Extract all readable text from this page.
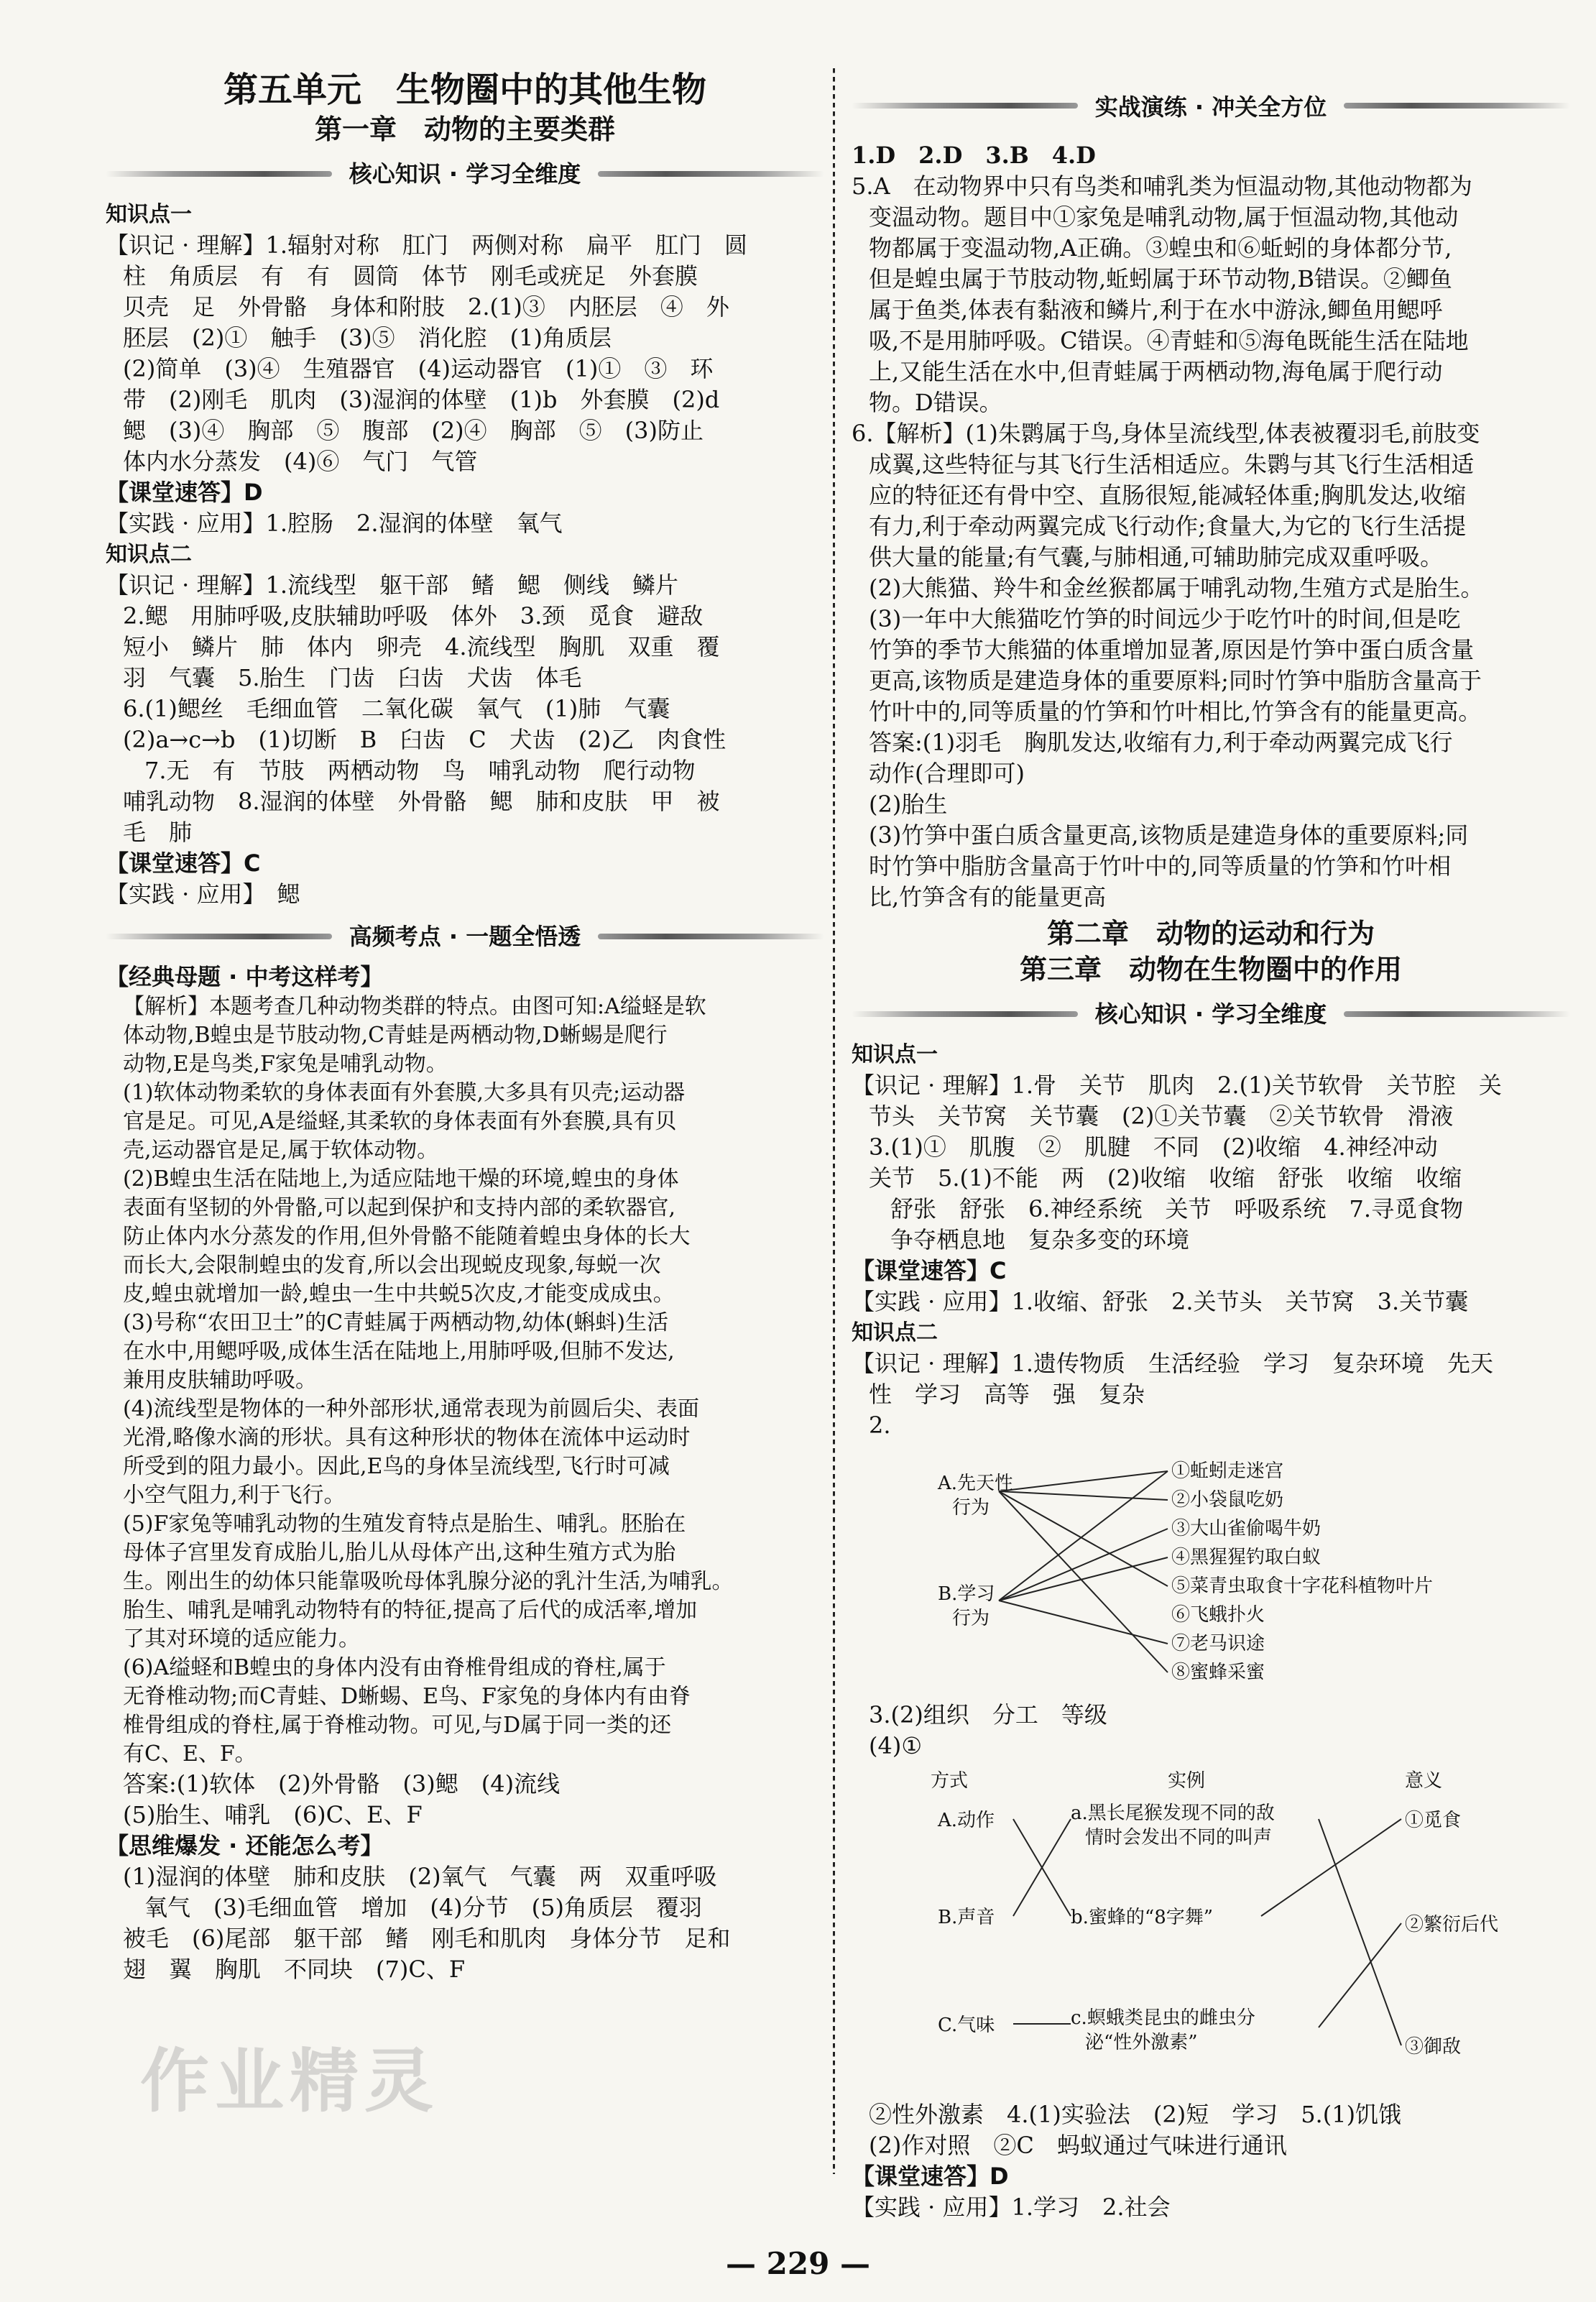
第五单元　生物圈中的其他生物
第一章　动物的主要类群
核心知识 · 学习全维度
知识点一
【识记 · 理解】1.辐射对称　肛门　两侧对称　扁平　肛门　圆
柱　角质层　有　有　圆筒　体节　刚毛或疣足　外套膜
贝壳　足　外骨骼　身体和附肢　2.(1)③　内胚层　④　外
胚层　(2)①　触手　(3)⑤　消化腔　(1)角质层
(2)简单　(3)④　生殖器官　(4)运动器官　(1)①　③　环
带　(2)刚毛　肌肉　(3)湿润的体壁　(1)b　外套膜　(2)d
鳃　(3)④　胸部　⑤　腹部　(2)④　胸部　⑤　(3)防止
体内水分蒸发　(4)⑥　气门　气管
【课堂速答】D
【实践 · 应用】1.腔肠　2.湿润的体壁　氧气
知识点二
【识记 · 理解】1.流线型　躯干部　鳍　鳃　侧线　鳞片
2.鳃　用肺呼吸,皮肤辅助呼吸　体外　3.颈　觅食　避敌
短小　鳞片　肺　体内　卵壳　4.流线型　胸肌　双重　覆
羽　气囊　5.胎生　门齿　臼齿　犬齿　体毛
6.(1)鳃丝　毛细血管　二氧化碳　氧气　(1)肺　气囊
(2)a→c→b　(1)切断　B　臼齿　C　犬齿　(2)乙　肉食性
7.无　有　节肢　两栖动物　鸟　哺乳动物　爬行动物
哺乳动物　8.湿润的体壁　外骨骼　鳃　肺和皮肤　甲　被
毛　肺
【课堂速答】C
【实践 · 应用】　鳃
高频考点 · 一题全悟透
【经典母题 · 中考这样考】
【解析】本题考查几种动物类群的特点。由图可知:A缢蛏是软
体动物,B蝗虫是节肢动物,C青蛙是两栖动物,D蜥蜴是爬行
动物,E是鸟类,F家兔是哺乳动物。
(1)软体动物柔软的身体表面有外套膜,大多具有贝壳;运动器
官是足。可见,A是缢蛏,其柔软的身体表面有外套膜,具有贝
壳,运动器官是足,属于软体动物。
(2)B蝗虫生活在陆地上,为适应陆地干燥的环境,蝗虫的身体
表面有坚韧的外骨骼,可以起到保护和支持内部的柔软器官,
防止体内水分蒸发的作用,但外骨骼不能随着蝗虫身体的长大
而长大,会限制蝗虫的发育,所以会出现蜕皮现象,每蜕一次
皮,蝗虫就增加一龄,蝗虫一生中共蜕5次皮,才能变成成虫。
(3)号称“农田卫士”的C青蛙属于两栖动物,幼体(蝌蚪)生活
在水中,用鳃呼吸,成体生活在陆地上,用肺呼吸,但肺不发达,
兼用皮肤辅助呼吸。
(4)流线型是物体的一种外部形状,通常表现为前圆后尖、表面
光滑,略像水滴的形状。具有这种形状的物体在流体中运动时
所受到的阻力最小。因此,E鸟的身体呈流线型,飞行时可减
小空气阻力,利于飞行。
(5)F家兔等哺乳动物的生殖发育特点是胎生、哺乳。胚胎在
母体子宫里发育成胎儿,胎儿从母体产出,这种生殖方式为胎
生。刚出生的幼体只能靠吸吮母体乳腺分泌的乳汁生活,为哺乳。
胎生、哺乳是哺乳动物特有的特征,提高了后代的成活率,增加
了其对环境的适应能力。
(6)A缢蛏和B蝗虫的身体内没有由脊椎骨组成的脊柱,属于
无脊椎动物;而C青蛙、D蜥蜴、E鸟、F家兔的身体内有由脊
椎骨组成的脊柱,属于脊椎动物。可见,与D属于同一类的还
有C、E、F。
答案:(1)软体　(2)外骨骼　(3)鳃　(4)流线
(5)胎生、哺乳　(6)C、E、F
【思维爆发 · 还能怎么考】
(1)湿润的体壁　肺和皮肤　(2)氧气　气囊　两　双重呼吸
氧气　(3)毛细血管　增加　(4)分节　(5)角质层　覆羽
被毛　(6)尾部　躯干部　鳍　刚毛和肌肉　身体分节　足和
翅　翼　胸肌　不同块　(7)C、F
实战演练 · 冲关全方位
1.D　2.D　3.B　4.D
5.A　在动物界中只有鸟类和哺乳类为恒温动物,其他动物都为
变温动物。题目中①家兔是哺乳动物,属于恒温动物,其他动
物都属于变温动物,A正确。③蝗虫和⑥蚯蚓的身体都分节,
但是蝗虫属于节肢动物,蚯蚓属于环节动物,B错误。②鲫鱼
属于鱼类,体表有黏液和鳞片,利于在水中游泳,鲫鱼用鳃呼
吸,不是用肺呼吸。C错误。④青蛙和⑤海龟既能生活在陆地
上,又能生活在水中,但青蛙属于两栖动物,海龟属于爬行动
物。D错误。
6.【解析】(1)朱鹮属于鸟,身体呈流线型,体表被覆羽毛,前肢变
成翼,这些特征与其飞行生活相适应。朱鹮与其飞行生活相适
应的特征还有骨中空、直肠很短,能减轻体重;胸肌发达,收缩
有力,利于牵动两翼完成飞行动作;食量大,为它的飞行生活提
供大量的能量;有气囊,与肺相通,可辅助肺完成双重呼吸。
(2)大熊猫、羚牛和金丝猴都属于哺乳动物,生殖方式是胎生。
(3)一年中大熊猫吃竹笋的时间远少于吃竹叶的时间,但是吃
竹笋的季节大熊猫的体重增加显著,原因是竹笋中蛋白质含量
更高,该物质是建造身体的重要原料;同时竹笋中脂肪含量高于
竹叶中的,同等质量的竹笋和竹叶相比,竹笋含有的能量更高。
答案:(1)羽毛　胸肌发达,收缩有力,利于牵动两翼完成飞行
动作(合理即可)
(2)胎生
(3)竹笋中蛋白质含量更高,该物质是建造身体的重要原料;同
时竹笋中脂肪含量高于竹叶中的,同等质量的竹笋和竹叶相
比,竹笋含有的能量更高
第二章　动物的运动和行为
第三章　动物在生物圈中的作用
核心知识 · 学习全维度
知识点一
【识记 · 理解】1.骨　关节　肌肉　2.(1)关节软骨　关节腔　关
节头　关节窝　关节囊　(2)①关节囊　②关节软骨　滑液
3.(1)①　肌腹　②　肌腱　不同　(2)收缩　4.神经冲动
关节　5.(1)不能　两　(2)收缩　收缩　舒张　收缩　收缩
舒张　舒张　6.神经系统　关节　呼吸系统　7.寻觅食物
争夺栖息地　复杂多变的环境
【课堂速答】C
【实践 · 应用】1.收缩、舒张　2.关节头　关节窝　3.关节囊
知识点二
【识记 · 理解】1.遗传物质　生活经验　学习　复杂环境　先天
性　学习　高等　强　复杂
2.
A.先天性
行为
B.学习
行为
①蚯蚓走迷宫
②小袋鼠吃奶
③大山雀偷喝牛奶
④黑猩猩钓取白蚁
⑤菜青虫取食十字花科植物叶片
⑥飞蛾扑火
⑦老马识途
⑧蜜蜂采蜜
3.(2)组织　分工　等级
(4)①
方式	实例	意义
A.动作
B.声音
C.气味
a.黑长尾猴发现不同的敌
情时会发出不同的叫声
b.蜜蜂的“8字舞”
c.螟蛾类昆虫的雌虫分
泌“性外激素”
①觅食
②繁衍后代
③御敌
②性外激素　4.(1)实验法　(2)短　学习　5.(1)饥饿
(2)作对照　②C　蚂蚁通过气味进行通讯
【课堂速答】D
【实践 · 应用】1.学习　2.社会
作业精灵
— 229 —
